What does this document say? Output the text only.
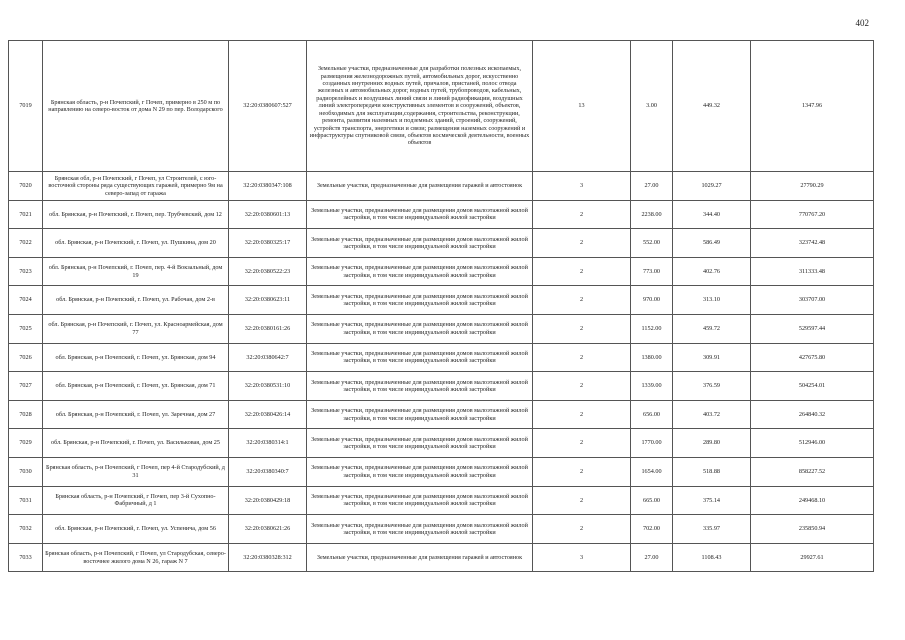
402
7019	Брянская область, р-н Почепский, г Почеп, примерно в 250 м по направлению на северо-восток от дома N 29 по пер. Володарского	32:20:0380607:527	Земельные участки, предназначенные для разработки полезных ископаемых, размещения железнодорожных путей, автомобильных дорог, искусственно созданных внутренних водных путей, причалов, пристаней, полос отвода железных и автомобильных дорог, водных путей, трубопроводов, кабельных, радиорелейных и воздушных линий связи и линий радиофикации, воздушных линий электропередачи конструктивных элементов и сооружений, объектов, необходимых для эксплуатации,содержания, строительства, реконструкции, ремонта, развития наземных и подземных зданий, строений, сооружений, устройств транспорта, энергетики и связи; размещения наземных сооружений и инфраструктуры спутниковой связи, объектов космической деятельности, военных объектов	13	3.00	449.32	1347.96
7020	Брянская обл, р-н Почепский, г Почеп, ул Строителей, с юго-восточной стороны ряда существующих гаражей, примерно 9м на северо-запад от гаража	32:20:0380347:108	Земельные участки, предназначенные для размещения гаражей и автостоянок	3	27.00	1029.27	27790.29
7021	обл. Брянская, р-н Почепский, г. Почеп, пер. Трубчевский, дом 12	32:20:0380601:13	Земельные участки, предназначенные для размещения домов малоэтажной жилой застройки, в том числе индивидуальной жилой застройки	2	2238.00	344.40	770767.20
7022	обл. Брянская, р-н Почепский, г. Почеп, ул. Пушкина, дом 20	32:20:0380325:17	Земельные участки, предназначенные для размещения домов малоэтажной жилой застройки, в том числе индивидуальной жилой застройки	2	552.00	586.49	323742.48
7023	обл. Брянская, р-н Почепский, г. Почеп, пер. 4-й Вокзальный, дом 19	32:20:0380522:23	Земельные участки, предназначенные для размещения домов малоэтажной жилой застройки, в том числе индивидуальной жилой застройки	2	773.00	402.76	311333.48
7024	обл. Брянская, р-н Почепский, г. Почеп, ул. Рабочая, дом 2-в	32:20:0380623:11	Земельные участки, предназначенные для размещения домов малоэтажной жилой застройки, в том числе индивидуальной жилой застройки	2	970.00	313.10	303707.00
7025	обл. Брянская, р-н Почепский, г. Почеп, ул. Красноармейская, дом 77	32:20:0380161:26	Земельные участки, предназначенные для размещения домов малоэтажной жилой застройки, в том числе индивидуальной жилой застройки	2	1152.00	459.72	529597.44
7026	обл. Брянская, р-н Почепский, г. Почеп, ул. Брянская, дом 94	32:20:0380642:7	Земельные участки, предназначенные для размещения домов малоэтажной жилой застройки, в том числе индивидуальной жилой застройки	2	1380.00	309.91	427675.80
7027	обл. Брянская, р-н Почепский, г. Почеп, ул. Брянская, дом 71	32:20:0380531:10	Земельные участки, предназначенные для размещения домов малоэтажной жилой застройки, в том числе индивидуальной жилой застройки	2	1339.00	376.59	504254.01
7028	обл. Брянская, р-н Почепский, г. Почеп, ул. Заречная, дом 27	32:20:0380426:14	Земельные участки, предназначенные для размещения домов малоэтажной жилой застройки, в том числе индивидуальной жилой застройки	2	656.00	403.72	264840.32
7029	обл. Брянская, р-н Почепский, г. Почеп, ул. Васильковая, дом 25	32:20:0380314:1	Земельные участки, предназначенные для размещения домов малоэтажной жилой застройки, в том числе индивидуальной жилой застройки	2	1770.00	289.80	512946.00
7030	Брянская область, р-н Почепский, г Почеп, пер 4-й Стародубский, д 31	32:20:0380340:7	Земельные участки, предназначенные для размещения домов малоэтажной жилой застройки, в том числе индивидуальной жилой застройки	2	1654.00	518.88	858227.52
7031	Брянская область, р-н Почепский, г Почеп, пер 3-й Сухопно-Фабричный, д 1	32:20:0380429:18	Земельные участки, предназначенные для размещения домов малоэтажной жилой застройки, в том числе индивидуальной жилой застройки	2	665.00	375.14	249468.10
7032	обл. Брянская, р-н Почепский, г. Почеп, ул. Успенича, дом 56	32:20:0380621:26	Земельные участки, предназначенные для размещения домов малоэтажной жилой застройки, в том числе индивидуальной жилой застройки	2	702.00	335.97	235850.94
7033	Брянская область, р-н Почепский, г Почеп, ул Стародубская, северо-восточнее жилого дома N 26, гараж N 7	32:20:0380328:312	Земельные участки, предназначенные для размещения гаражей и автостоянок	3	27.00	1108.43	29927.61
